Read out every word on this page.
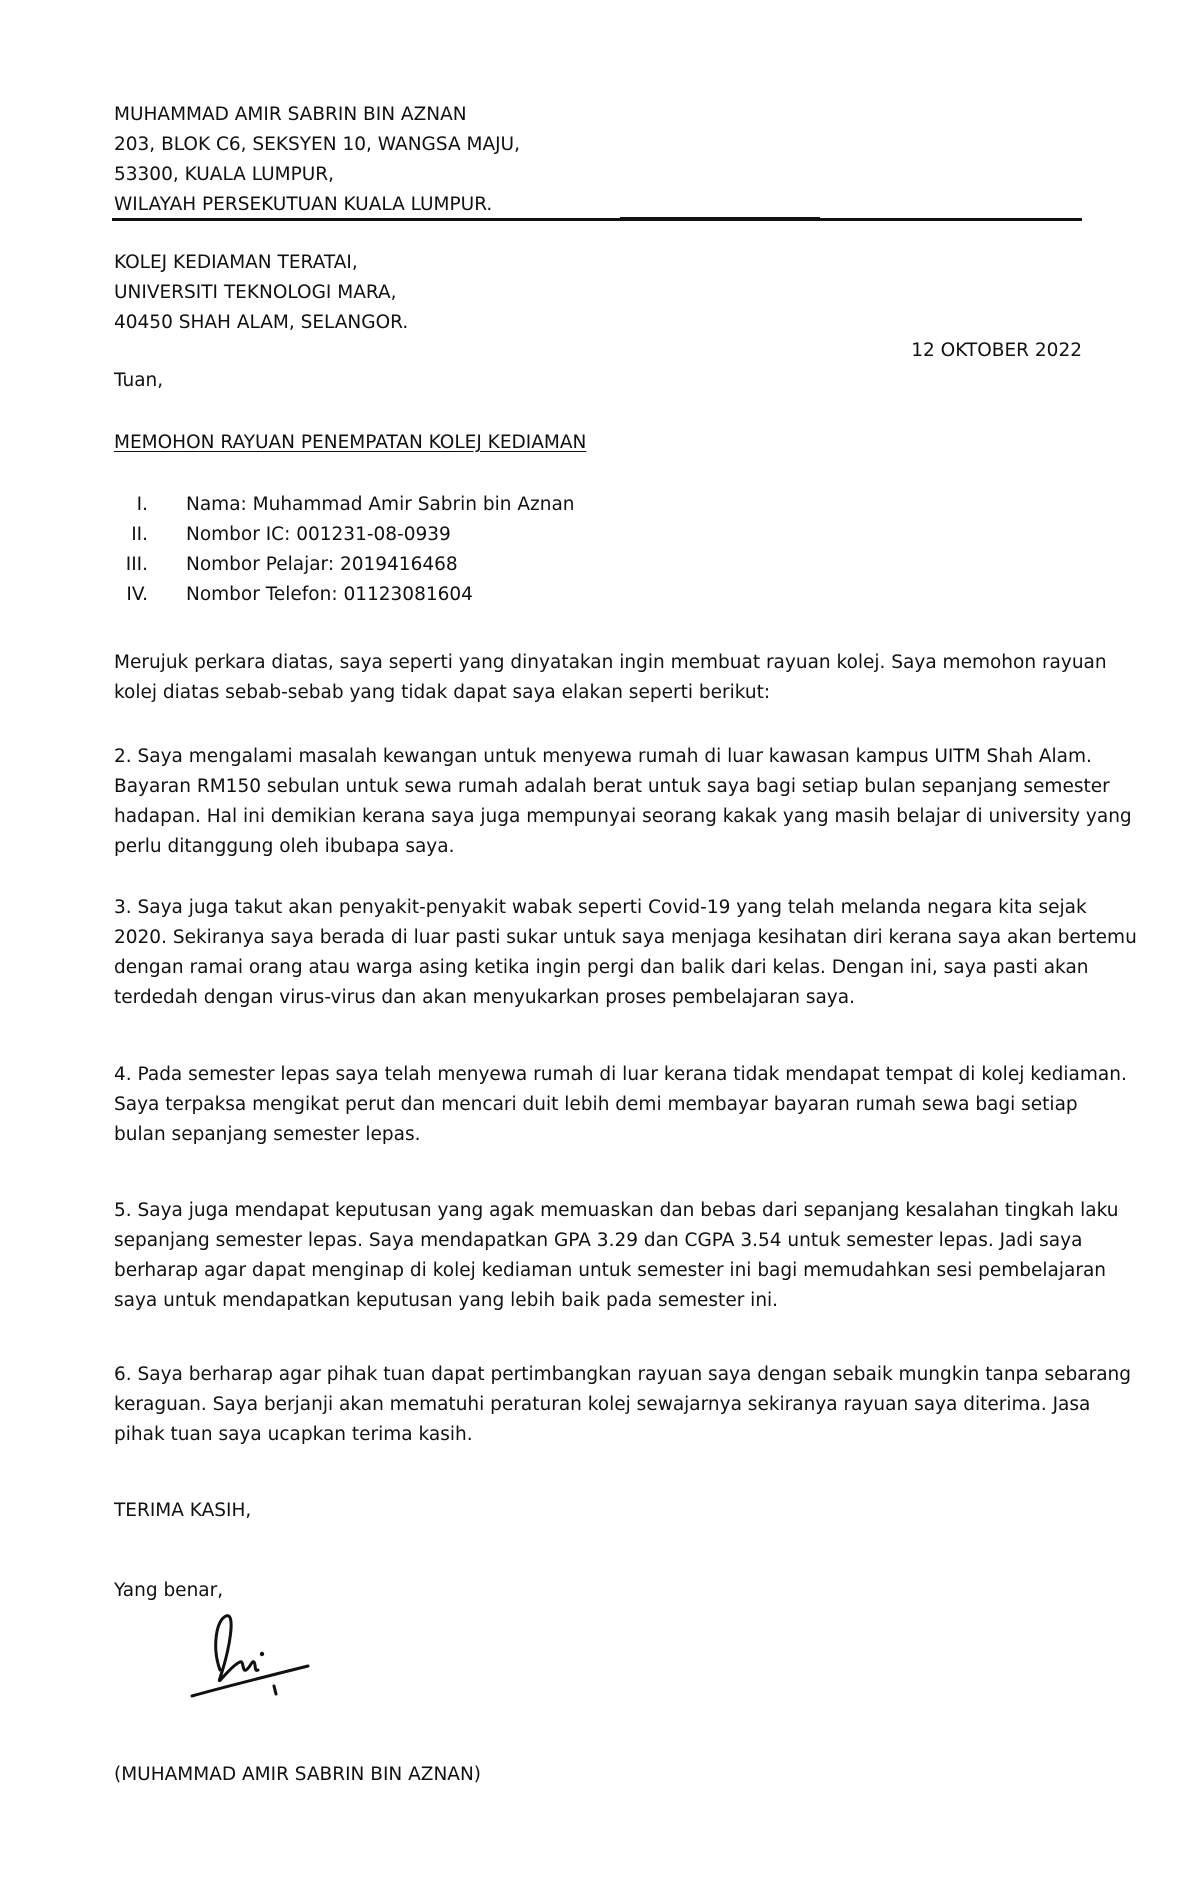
MUHAMMAD AMIR SABRIN BIN AZNAN
203, BLOK C6, SEKSYEN 10, WANGSA MAJU,
53300, KUALA LUMPUR,
WILAYAH PERSEKUTUAN KUALA LUMPUR.
KOLEJ KEDIAMAN TERATAI,
UNIVERSITI TEKNOLOGI MARA,
40450 SHAH ALAM, SELANGOR.
12 OKTOBER 2022
Tuan,
MEMOHON RAYUAN PENEMPATAN KOLEJ KEDIAMAN
I. Nama: Muhammad Amir Sabrin bin Aznan
II. Nombor IC: 001231-08-0939
III. Nombor Pelajar: 2019416468
IV. Nombor Telefon: 01123081604

Merujuk perkara diatas, saya seperti yang dinyatakan ingin membuat rayuan kolej. Saya memohon rayuan

kolej diatas sebab-sebab yang tidak dapat saya elakan seperti berikut:

2. Saya mengalami masalah kewangan untuk menyewa rumah di luar kawasan kampus UITM Shah Alam.

Bayaran RM150 sebulan untuk sewa rumah adalah berat untuk saya bagi setiap bulan sepanjang semester

hadapan. Hal ini demikian kerana saya juga mempunyai seorang kakak yang masih belajar di university yang

perlu ditanggung oleh ibubapa saya.

3. Saya juga takut akan penyakit-penyakit wabak seperti Covid-19 yang telah melanda negara kita sejak

2020. Sekiranya saya berada di luar pasti sukar untuk saya menjaga kesihatan diri kerana saya akan bertemu

dengan ramai orang atau warga asing ketika ingin pergi dan balik dari kelas. Dengan ini, saya pasti akan

terdedah dengan virus-virus dan akan menyukarkan proses pembelajaran saya.

4. Pada semester lepas saya telah menyewa rumah di luar kerana tidak mendapat tempat di kolej kediaman.

Saya terpaksa mengikat perut dan mencari duit lebih demi membayar bayaran rumah sewa bagi setiap

bulan sepanjang semester lepas.

5. Saya juga mendapat keputusan yang agak memuaskan dan bebas dari sepanjang kesalahan tingkah laku

sepanjang semester lepas. Saya mendapatkan GPA 3.29 dan CGPA 3.54 untuk semester lepas. Jadi saya

berharap agar dapat menginap di kolej kediaman untuk semester ini bagi memudahkan sesi pembelajaran

saya untuk mendapatkan keputusan yang lebih baik pada semester ini.

6. Saya berharap agar pihak tuan dapat pertimbangkan rayuan saya dengan sebaik mungkin tanpa sebarang

keraguan. Saya berjanji akan mematuhi peraturan kolej sewajarnya sekiranya rayuan saya diterima. Jasa

pihak tuan saya ucapkan terima kasih.

TERIMA KASIH,
Yang benar,
(MUHAMMAD AMIR SABRIN BIN AZNAN)
